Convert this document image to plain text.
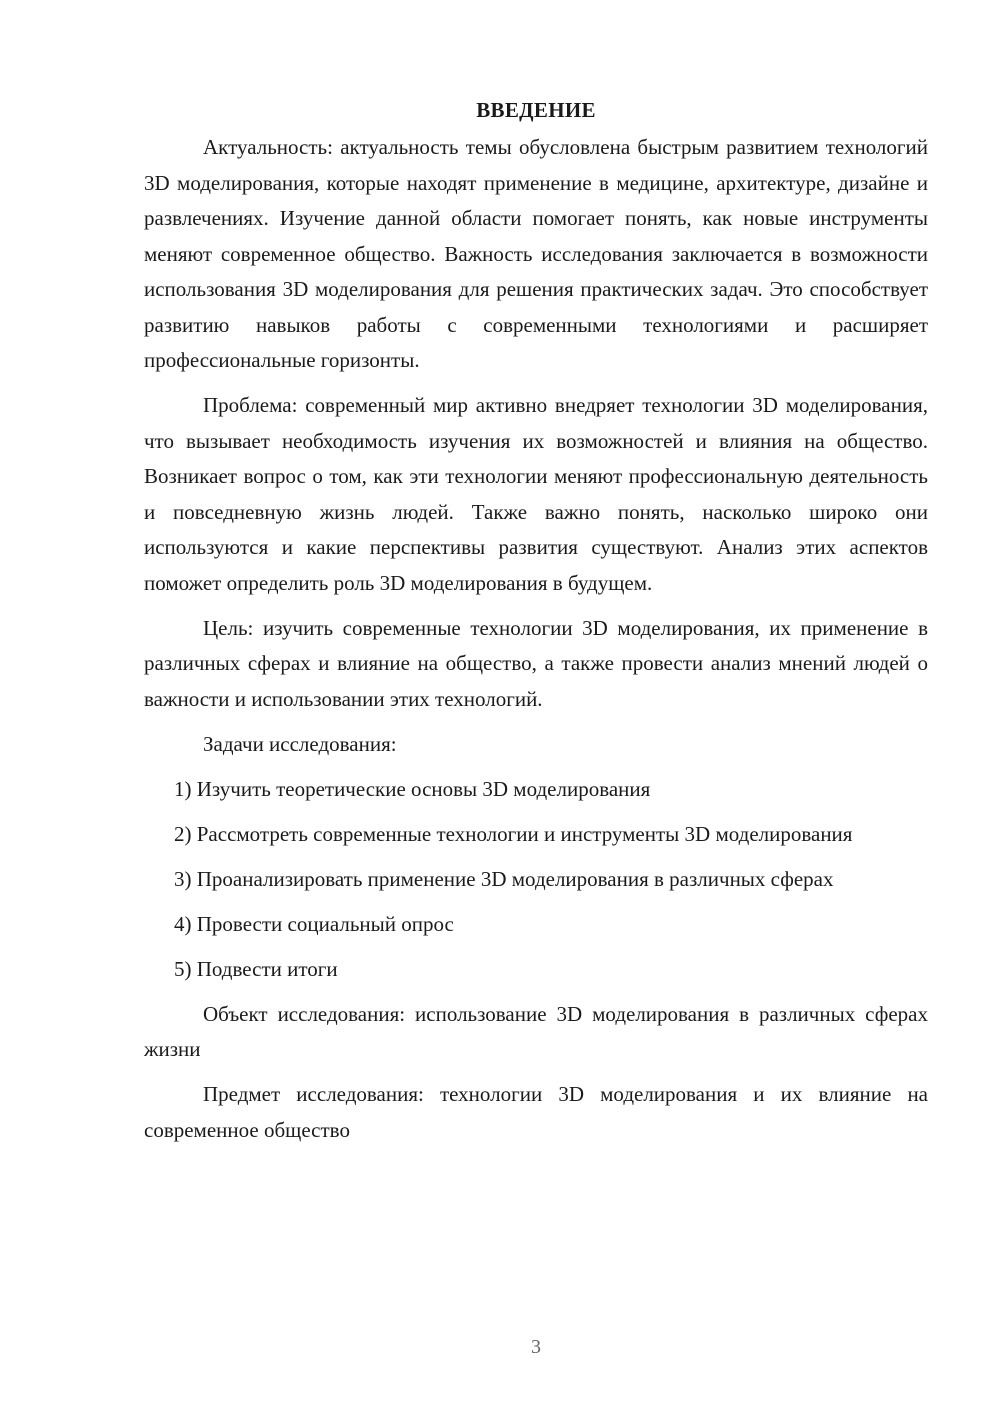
ВВЕДЕНИЕ

Актуальность: актуальность темы обусловлена быстрым развитием технологий 3D моделирования, которые находят применение в медицине, архитектуре, дизайне и развлечениях. Изучение данной области помогает понять, как новые инструменты меняют современное общество. Важность исследования заключается в возможности использования 3D моделирования для решения практических задач. Это способствует развитию навыков работы с современными технологиями и расширяет профессиональные горизонты.

Проблема: современный мир активно внедряет технологии 3D моделирования, что вызывает необходимость изучения их возможностей и влияния на общество. Возникает вопрос о том, как эти технологии меняют профессиональную деятельность и повседневную жизнь людей. Также важно понять, насколько широко они используются и какие перспективы развития существуют. Анализ этих аспектов поможет определить роль 3D моделирования в будущем.

Цель: изучить современные технологии 3D моделирования, их применение в различных сферах и влияние на общество, а также провести анализ мнений людей о важности и использовании этих технологий.

Задачи исследования:

1) Изучить теоретические основы 3D моделирования

2) Рассмотреть современные технологии и инструменты 3D моделирования

3) Проанализировать применение 3D моделирования в различных сферах

4) Провести социальный опрос

5) Подвести итоги

Объект исследования: использование 3D моделирования в различных сферах жизни

Предмет исследования: технологии 3D моделирования и их влияние на современное общество

3
